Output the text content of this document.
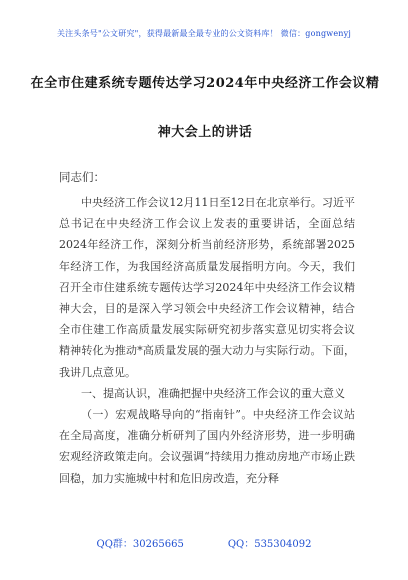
关注头条号"公文研究"，获得最新最全最专业的公文资料库！ 微信：gongwenyj
在全市住建系统专题传达学习2024年中央经济工作会议精
神大会上的讲话
同志们：

中央经济工作会议12月11日至12日在北京举行。习近平总书记在中央经济工作会议上发表的重要讲话，全面总结2024年经济工作，深刻分析当前经济形势，系统部署2025年经济工作，为我国经济高质量发展指明方向。今天，我们召开全市住建系统专题传达学习2024年中央经济工作会议精神大会，目的是深入学习领会中央经济工作会议精神，结合全市住建工作高质量发展实际研究初步落实意见切实将会议精神转化为推动*高质量发展的强大动力与实际行动。下面，我讲几点意见。

一、提高认识，准确把握中央经济工作会议的重大意义

（一）宏观战略导向的“指南针”。中央经济工作会议站在全局高度，准确分析研判了国内外经济形势，进一步明确宏观经济政策走向。会议强调“持续用力推动房地产市场止跌回稳，加力实施城中村和危旧房改造，充分释

QQ群：30265665	QQ：535304092
